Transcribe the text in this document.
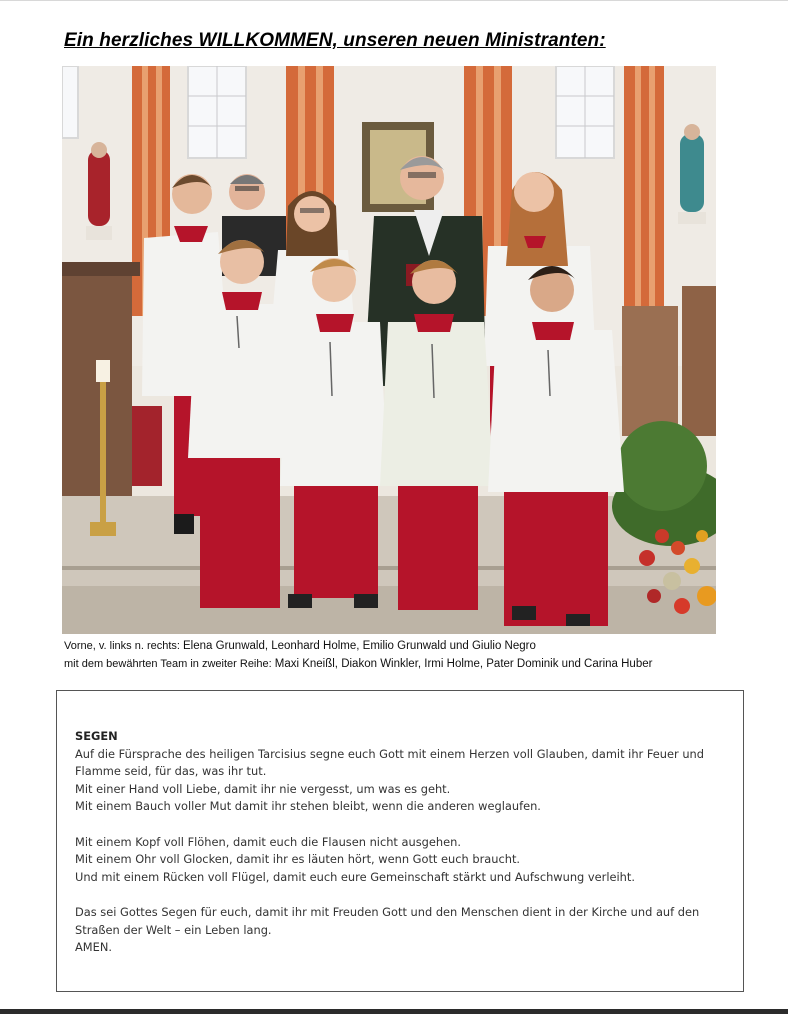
Ein herzliches WILLKOMMEN, unseren neuen Ministranten:
Vorne, v. links n. rechts: Elena Grunwald, Leonhard Holme, Emilio Grunwald und Giulio Negro
mit dem bewährten Team in zweiter Reihe: Maxi Kneißl, Diakon Winkler, Irmi Holme, Pater Dominik und Carina Huber
SEGEN
Auf die Fürsprache des heiligen Tarcisius segne euch Gott mit einem Herzen voll Glauben, damit ihr Feuer und
Flamme seid, für das, was ihr tut.
Mit einer Hand voll Liebe, damit ihr nie vergesst, um was es geht.
Mit einem Bauch voller Mut damit ihr stehen bleibt, wenn die anderen weglaufen.
Mit einem Kopf voll Flöhen, damit euch die Flausen nicht ausgehen.
Mit einem Ohr voll Glocken, damit ihr es läuten hört, wenn Gott euch braucht.
Und mit einem Rücken voll Flügel, damit euch eure Gemeinschaft stärkt und Aufschwung verleiht.
Das sei Gottes Segen für euch, damit ihr mit Freuden Gott und den Menschen dient in der Kirche und auf den
Straßen der Welt – ein Leben lang.
AMEN.
